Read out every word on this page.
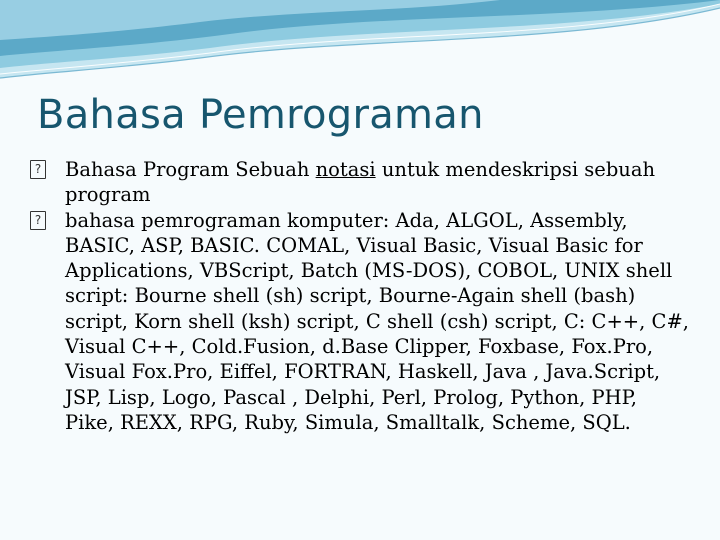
Bahasa Pemrograman
? Bahasa Program Sebuah notasi untuk mendeskripsi sebuah program
? bahasa pemrograman komputer: Ada, ALGOL, Assembly, BASIC, ASP, BASIC. COMAL, Visual Basic, Visual Basic for Applications, VBScript, Batch (MS-DOS), COBOL, UNIX shell script: Bourne shell (sh) script, Bourne-Again shell (bash) script, Korn shell (ksh) script, C shell (csh) script, C: C++, C#, Visual C++, Cold.Fusion, d.Base Clipper, Foxbase, Fox.Pro, Visual Fox.Pro, Eiffel, FORTRAN, Haskell, Java , Java.Script, JSP, Lisp, Logo, Pascal , Delphi, Perl, Prolog, Python, PHP, Pike, REXX, RPG, Ruby, Simula, Smalltalk, Scheme, SQL.
